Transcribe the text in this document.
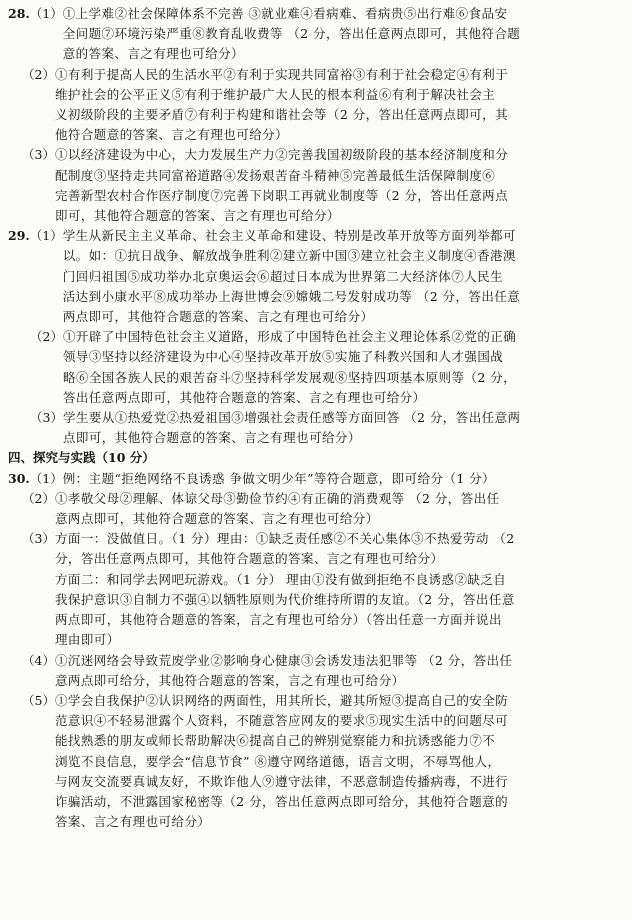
28. （1） ①上学难②社会保障体系不完善 ③就业难④看病难、看病贵⑤出行难⑥食品安
全问题⑦环境污染严重⑧教育乱收费等 （2 分，答出任意两点即可，其他符合题
意的答案、言之有理也可给分）
（2） ①有利于提高人民的生活水平②有利于实现共同富裕③有利于社会稳定④有利于
维护社会的公平正义⑤有利于维护最广大人民的根本利益⑥有利于解决社会主
义初级阶段的主要矛盾⑦有利于构建和谐社会等（2 分，答出任意两点即可，其
他符合题意的答案、言之有理也可给分）
（3） ①以经济建设为中心，大力发展生产力②完善我国初级阶段的基本经济制度和分
配制度③坚持走共同富裕道路④发扬艰苦奋斗精神⑤完善最低生活保障制度⑥
完善新型农村合作医疗制度⑦完善下岗职工再就业制度等（2 分，答出任意两点
即可，其他符合题意的答案、言之有理也可给分）
29. （1） 学生从新民主主义革命、社会主义革命和建设、特别是改革开放等方面列举都可
以。如：①抗日战争、解放战争胜利②建立新中国③建立社会主义制度④香港澳
门回归祖国⑤成功举办北京奥运会⑥超过日本成为世界第二大经济体⑦人民生
活达到小康水平⑧成功举办上海世博会⑨嫦娥二号发射成功等 （2 分，答出任意
两点即可，其他符合题意的答案、言之有理也可给分）
（2） ①开辟了中国特色社会主义道路，形成了中国特色社会主义理论体系②党的正确
领导③坚持以经济建设为中心④坚持改革开放⑤实施了科教兴国和人才强国战
略⑥全国各族人民的艰苦奋斗⑦坚持科学发展观⑧坚持四项基本原则等（2 分，
答出任意两点即可，其他符合题意的答案、言之有理也可给分）
（3） 学生要从①热爱党②热爱祖国③增强社会责任感等方面回答 （2 分，答出任意两
点即可，其他符合题意的答案、言之有理也可给分）
四、探究与实践（10 分）
30. （1） 例：主题“拒绝网络不良诱惑 争做文明少年”等符合题意，即可给分（1 分）
（2） ①孝敬父母②理解、体谅父母③勤俭节约④有正确的消费观等 （2 分，答出任
意两点即可，其他符合题意的答案、言之有理也可给分）
（3） 方面一：没做值日。（1 分）理由：①缺乏责任感②不关心集体③不热爱劳动 （2
分，答出任意两点即可，其他符合题意的答案、言之有理也可给分）
方面二：和同学去网吧玩游戏。（1 分） 理由①没有做到拒绝不良诱惑②缺乏自
我保护意识③自制力不强④以牺牲原则为代价维持所谓的友谊。（2 分，答出任意
两点即可，其他符合题意的答案，言之有理也可给分）（答出任意一方面并说出
理由即可）
（4） ①沉迷网络会导致荒废学业②影响身心健康③会诱发违法犯罪等 （2 分，答出任
意两点即可给分，其他符合题意的答案，言之有理也可给分）
（5） ①学会自我保护②认识网络的两面性，用其所长，避其所短③提高自己的安全防
范意识④不轻易泄露个人资料，不随意答应网友的要求⑤现实生活中的问题尽可
能找熟悉的朋友或师长帮助解决⑥提高自己的辨别觉察能力和抗诱惑能力⑦不
浏览不良信息，要学会“信息节食” ⑧遵守网络道德，语言文明，不辱骂他人，
与网友交流要真诚友好，不欺诈他人⑨遵守法律，不恶意制造传播病毒，不进行
诈骗活动，不泄露国家秘密等（2 分，答出任意两点即可给分，其他符合题意的
答案、言之有理也可给分）
